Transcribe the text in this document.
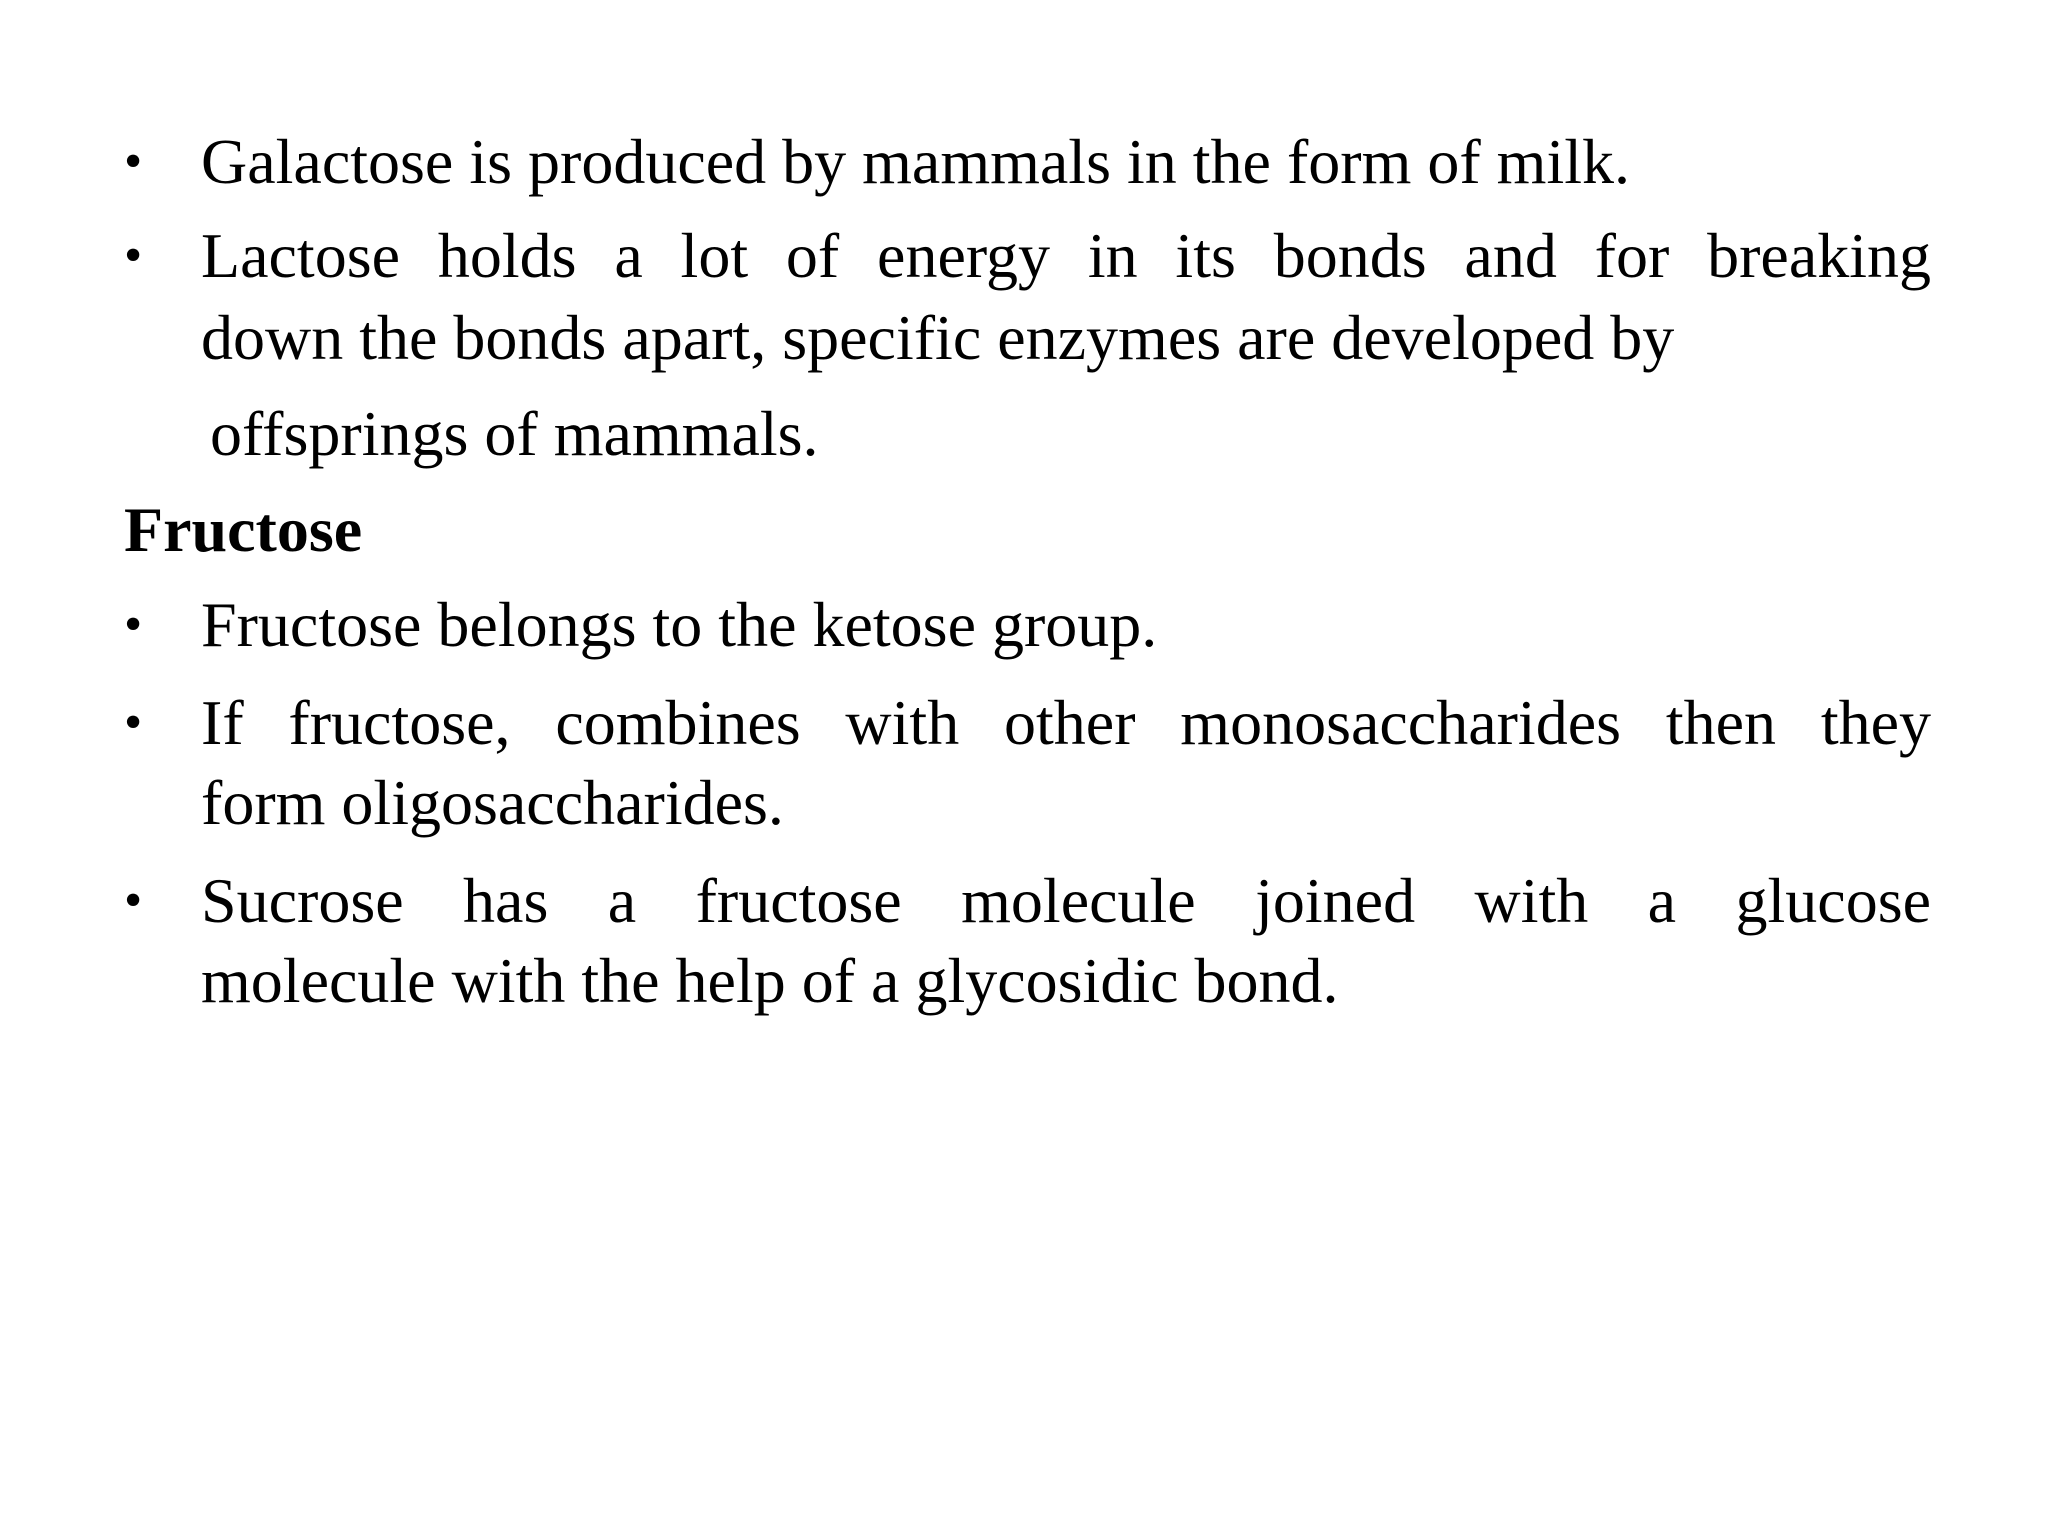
• Galactose is produced by mammals in the form of milk.

• Lactose holds a lot of energy in its bonds and for breaking

down the bonds apart, specific enzymes are developed by

offsprings of mammals.

Fructose

• Fructose belongs to the ketose group.

• If fructose, combines with other monosaccharides then they

form oligosaccharides.

• Sucrose has a fructose molecule joined with a glucose

molecule with the help of a glycosidic bond.
